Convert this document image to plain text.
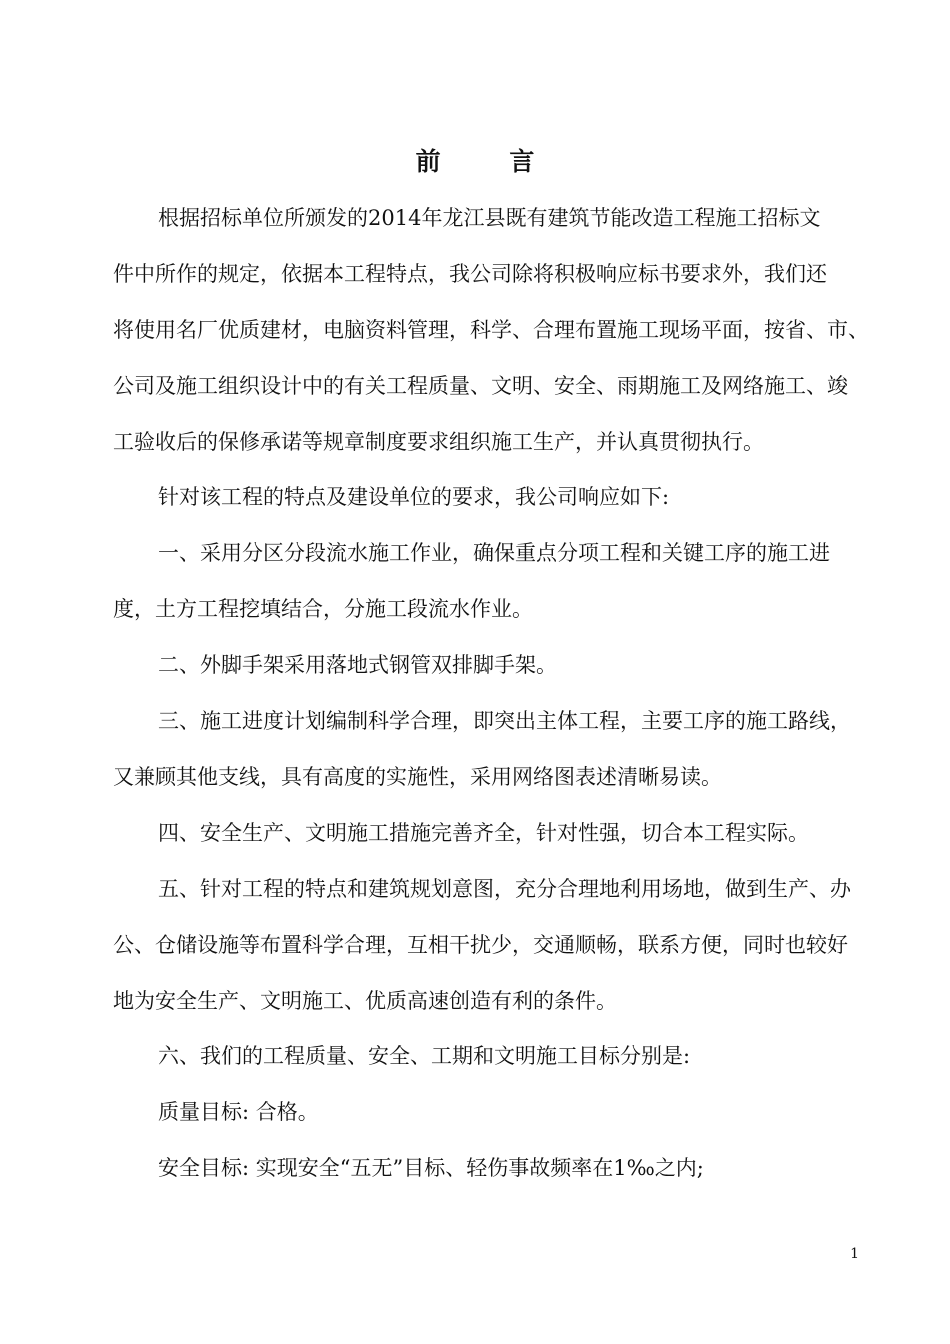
前 言
根据招标单位所颁发的2014年龙江县既有建筑节能改造工程施工招标文
件中所作的规定，依据本工程特点，我公司除将积极响应标书要求外，我们还
将使用名厂优质建材，电脑资料管理，科学、合理布置施工现场平面，按省、市、
公司及施工组织设计中的有关工程质量、文明、安全、雨期施工及网络施工、竣
工验收后的保修承诺等规章制度要求组织施工生产，并认真贯彻执行。
针对该工程的特点及建设单位的要求，我公司响应如下:
一、采用分区分段流水施工作业，确保重点分项工程和关键工序的施工进
度，土方工程挖填结合，分施工段流水作业。
二、外脚手架采用落地式钢管双排脚手架。
三、施工进度计划编制科学合理，即突出主体工程，主要工序的施工路线，
又兼顾其他支线，具有高度的实施性，采用网络图表述清晰易读。
四、安全生产、文明施工措施完善齐全，针对性强，切合本工程实际。
五、针对工程的特点和建筑规划意图，充分合理地利用场地，做到生产、办
公、仓储设施等布置科学合理，互相干扰少，交通顺畅，联系方便，同时也较好
地为安全生产、文明施工、优质高速创造有利的条件。
六、我们的工程质量、安全、工期和文明施工目标分别是:
质量目标: 合格。
安全目标: 实现安全“五无”目标、轻伤事故频率在1‰之内;
1
